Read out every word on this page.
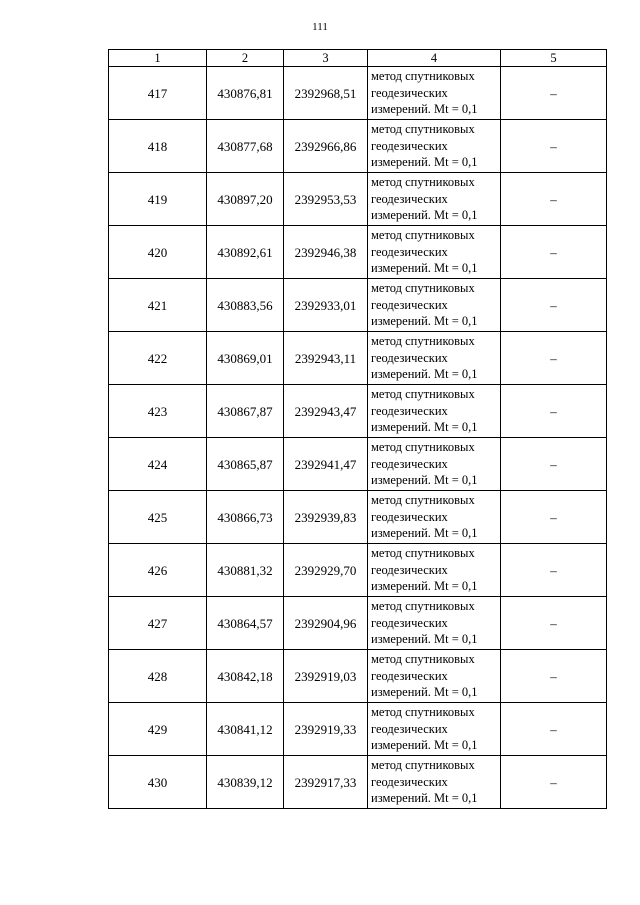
111
1	2	3	4	5
417	430876,81	2392968,51	метод спутниковых
геодезических
измерений. Mt = 0,1	–
418	430877,68	2392966,86	метод спутниковых
геодезических
измерений. Mt = 0,1	–
419	430897,20	2392953,53	метод спутниковых
геодезических
измерений. Mt = 0,1	–
420	430892,61	2392946,38	метод спутниковых
геодезических
измерений. Mt = 0,1	–
421	430883,56	2392933,01	метод спутниковых
геодезических
измерений. Mt = 0,1	–
422	430869,01	2392943,11	метод спутниковых
геодезических
измерений. Mt = 0,1	–
423	430867,87	2392943,47	метод спутниковых
геодезических
измерений. Mt = 0,1	–
424	430865,87	2392941,47	метод спутниковых
геодезических
измерений. Mt = 0,1	–
425	430866,73	2392939,83	метод спутниковых
геодезических
измерений. Mt = 0,1	–
426	430881,32	2392929,70	метод спутниковых
геодезических
измерений. Mt = 0,1	–
427	430864,57	2392904,96	метод спутниковых
геодезических
измерений. Mt = 0,1	–
428	430842,18	2392919,03	метод спутниковых
геодезических
измерений. Mt = 0,1	–
429	430841,12	2392919,33	метод спутниковых
геодезических
измерений. Mt = 0,1	–
430	430839,12	2392917,33	метод спутниковых
геодезических
измерений. Mt = 0,1	–
